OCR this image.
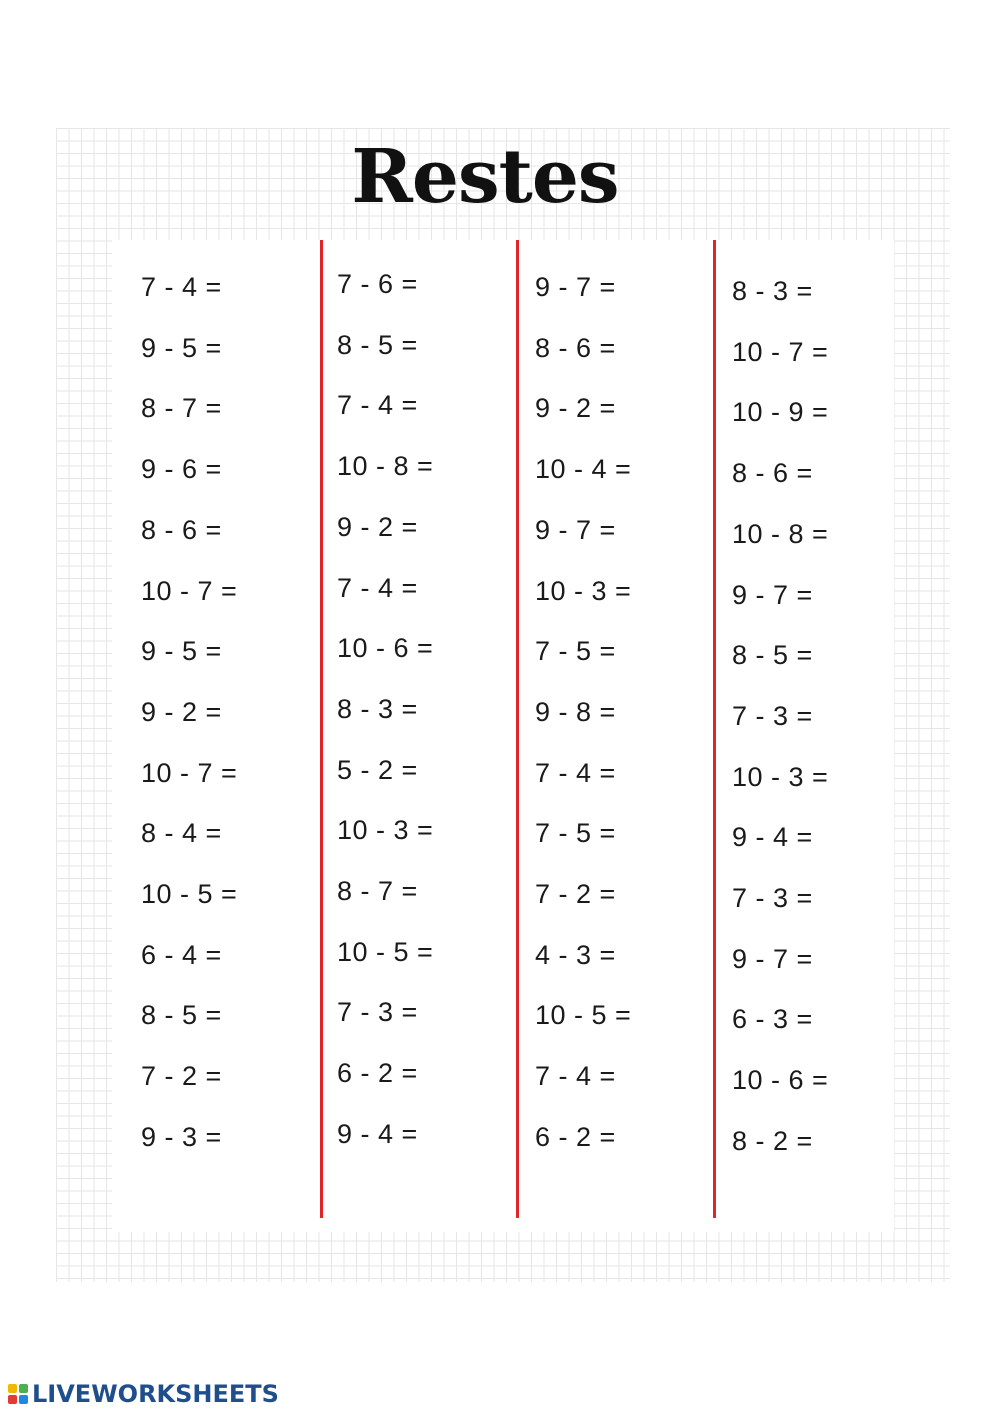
Restes
7 - 4 =
9 - 5 =
8 - 7 =
9 - 6 =
8 - 6 =
10 - 7 =
9 - 5 =
9 - 2 =
10 - 7 =
8 - 4 =
10 - 5 =
6 - 4 =
8 - 5 =
7 - 2 =
9 - 3 =
7 - 6 =
8 - 5 =
7 - 4 =
10 - 8 =
9 - 2 =
7 - 4 =
10 - 6 =
8 - 3 =
5 - 2 =
10 - 3 =
8 - 7 =
10 - 5 =
7 - 3 =
6 - 2 =
9 - 4 =
9 - 7 =
8 - 6 =
9 - 2 =
10 - 4 =
9 - 7 =
10 - 3 =
7 - 5 =
9 - 8 =
7 - 4 =
7 - 5 =
7 - 2 =
4 - 3 =
10 - 5 =
7 - 4 =
6 - 2 =
8 - 3 =
10 - 7 =
10 - 9 =
8 - 6 =
10 - 8 =
9 - 7 =
8 - 5 =
7 - 3 =
10 - 3 =
9 - 4 =
7 - 3 =
9 - 7 =
6 - 3 =
10 - 6 =
8 - 2 =
LIVEWORKSHEETS
